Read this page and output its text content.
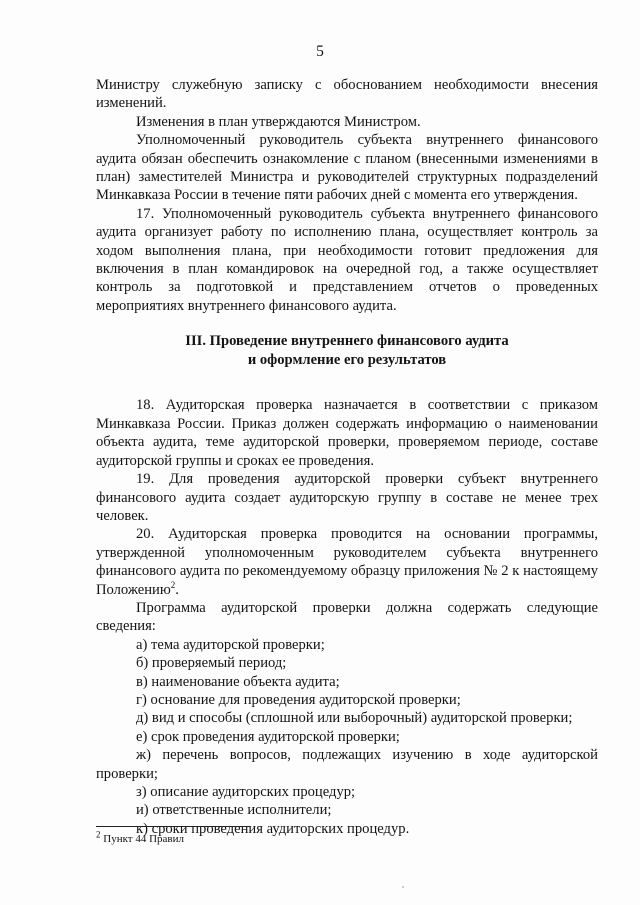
5

Министру служебную записку с обоснованием необходимости внесения изменений.

Изменения в план утверждаются Министром.

Уполномоченный руководитель субъекта внутреннего финансового аудита обязан обеспечить ознакомление с планом (внесенными изменениями в план) заместителей Министра и руководителей структурных подразделений Минкавказа России в течение пяти рабочих дней с момента его утверждения.

17. Уполномоченный руководитель субъекта внутреннего финансового аудита организует работу по исполнению плана, осуществляет контроль за ходом выполнения плана, при необходимости готовит предложения для включения в план командировок на очередной год, а также осуществляет контроль за подготовкой и представлением отчетов о проведенных мероприятиях внутреннего финансового аудита.

III. Проведение внутреннего финансового аудита
и оформление его результатов

18. Аудиторская проверка назначается в соответствии с приказом Минкавказа России. Приказ должен содержать информацию о наименовании объекта аудита, теме аудиторской проверки, проверяемом периоде, составе аудиторской группы и сроках ее проведения.

19. Для проведения аудиторской проверки субъект внутреннего финансового аудита создает аудиторскую группу в составе не менее трех человек.

20. Аудиторская проверка проводится на основании программы, утвержденной уполномоченным руководителем субъекта внутреннего финансового аудита по рекомендуемому образцу приложения № 2 к настоящему Положению$^2$.

Программа аудиторской проверки должна содержать следующие сведения:

а) тема аудиторской проверки;

б) проверяемый период;

в) наименование объекта аудита;

г) основание для проведения аудиторской проверки;

д) вид и способы (сплошной или выборочный) аудиторской проверки;

е) срок проведения аудиторской проверки;

ж) перечень вопросов, подлежащих изучению в ходе аудиторской проверки;

з) описание аудиторских процедур;

и) ответственные исполнители;

к) сроки проведения аудиторских процедур.

$^2$ Пункт 44 Правил
